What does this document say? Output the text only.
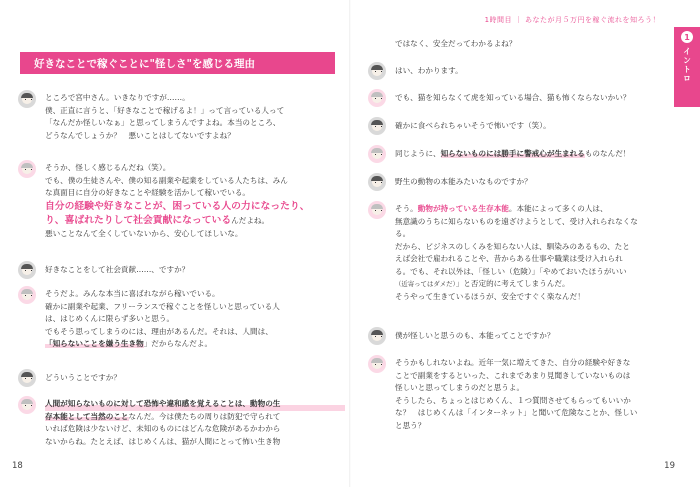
好きなことで稼ぐことに"怪しさ"を感じる理由
ところで宮中さん。いきなりですが……。
僕、正直に言うと、「好きなことで稼げるよ！」って言っている人って
「なんだか怪しいなぁ」と思ってしまうんですよね。本当のところ、
どうなんでしょうか？　悪いことはしてないですよね？
そうか、怪しく感じるんだね（笑）。
でも、僕の生徒さんや、僕の知る副業や起業をしている人たちは、みん
な真面目に自分の好きなことや経験を活かして稼いでいる。
自分の経験や好きなことが、困っている人の力になったり、
り、喜ばれたりして社会貢献になっているんだよね。
悪いことなんて全くしていないから、安心してほしいな。
好きなことをして社会貢献……、ですか？
そうだよ。みんな本当に喜ばれながら稼いでいる。
確かに副業や起業、フリーランスで稼ぐことを怪しいと思っている人
は、はじめくんに限らず多いと思う。
でもそう思ってしまうのには、理由があるんだ。それは、人間は、
「知らないことを嫌う生き物」だからなんだよ。
どういうことですか？
人間が知らないものに対して恐怖や違和感を覚えることは、動物の生
存本能として当然のことなんだ。今は僕たちの周りは防犯で守られて
いれば危険は少ないけど、未知のものにはどんな危険があるかわから
ないからね。たとえば、はじめくんは、猫が人間にとって怖い生き物
18
1時間目 ｜ あなたが月５万円を稼ぐ流れを知ろう！
1
イントロ
ではなく、安全だってわかるよね？
はい、わかります。
でも、猫を知らなくて虎を知っている場合、猫も怖くならないかい？
確かに食べられちゃいそうで怖いです（笑）。
同じように、知らないものには勝手に警戒心が生まれるものなんだ！
野生の動物の本能みたいなものですか？
そう。動物が持っている生存本能。本能によって多くの人は、
無意識のうちに知らないものを遠ざけようとして、受け入れられなくな
る。
だから、ビジネスのしくみを知らない人は、馴染みのあるもの、たと
えば会社で雇われることや、昔からある仕事や職業は受け入れられ
る。でも、それ以外は、「怪しい（危険）」「やめておいたほうがいい
（近寄ってはダメだ）」と否定的に考えてしまうんだ。
そうやって生きているほうが、安全ですぐく楽なんだ！
僕が怪しいと思うのも、本能ってことですか？
そうかもしれないよね。近年一気に増えてきた、自分の経験や好きな
ことで副業をするといった、これまであまり見聞きしていないものは
怪しいと思ってしまうのだと思うよ。
そうしたら、ちょっとはじめくん、１つ質問させてもらってもいいか
な？　はじめくんは「インターネット」と聞いて危険なことか、怪しい
と思う？
19
